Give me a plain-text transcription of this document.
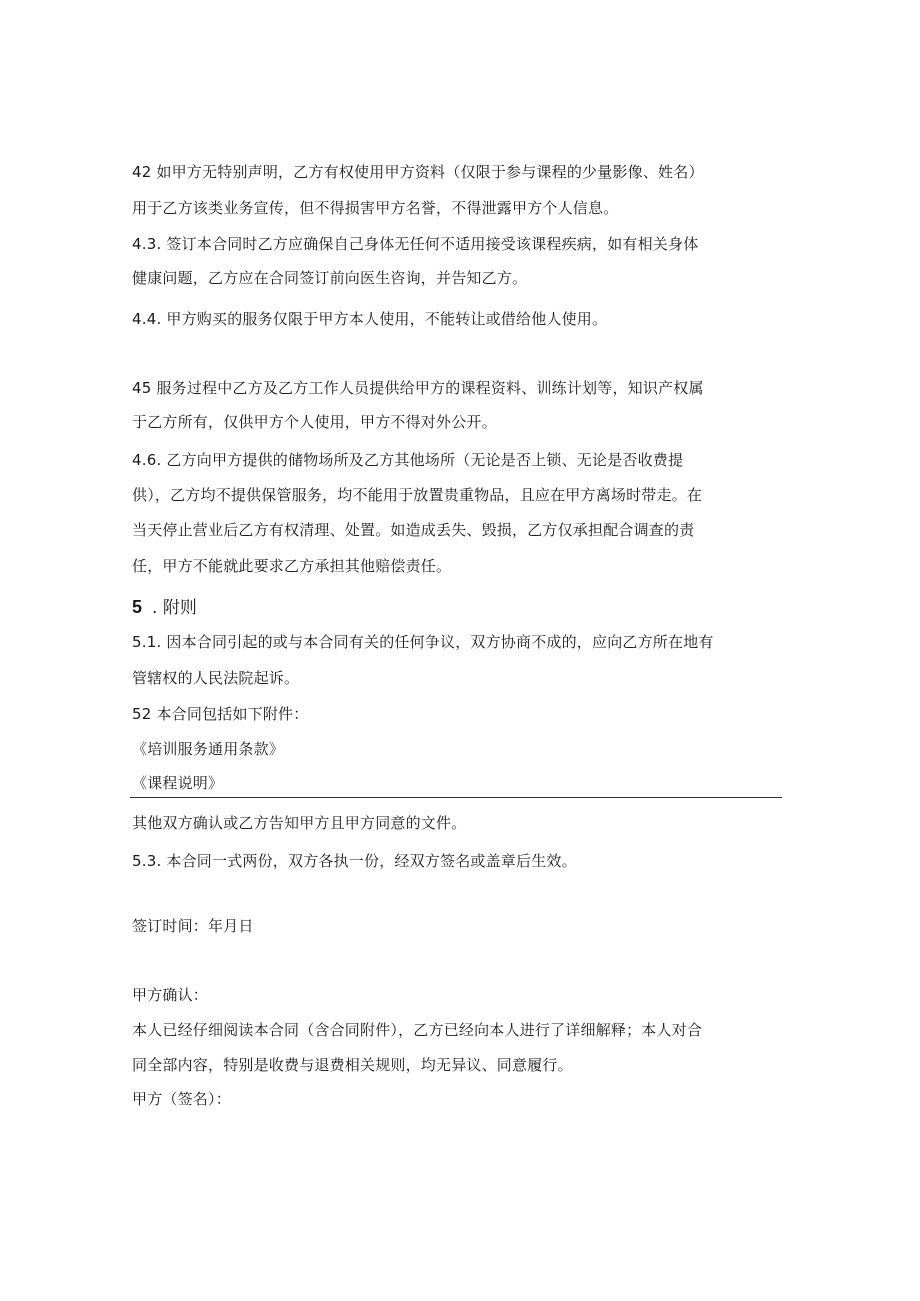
42 如甲方无特别声明，乙方有权使用甲方资料（仅限于参与课程的少量影像、姓名）
用于乙方该类业务宣传，但不得损害甲方名誉，不得泄露甲方个人信息。
4.3. 签订本合同时乙方应确保自己身体无任何不适用接受该课程疾病，如有相关身体
健康问题，乙方应在合同签订前向医生咨询，并告知乙方。
4.4. 甲方购买的服务仅限于甲方本人使用，不能转让或借给他人使用。
45 服务过程中乙方及乙方工作人员提供给甲方的课程资料、训练计划等，知识产权属
于乙方所有，仅供甲方个人使用，甲方不得对外公开。
4.6. 乙方向甲方提供的储物场所及乙方其他场所（无论是否上锁、无论是否收费提
供），乙方均不提供保管服务，均不能用于放置贵重物品，且应在甲方离场时带走。在
当天停止营业后乙方有权清理、处置。如造成丢失、毁损，乙方仅承担配合调查的责
任，甲方不能就此要求乙方承担其他赔偿责任。
5 . 附则
5.1. 因本合同引起的或与本合同有关的任何争议，双方协商不成的，应向乙方所在地有
管辖权的人民法院起诉。
52 本合同包括如下附件：
《培训服务通用条款》
《课程说明》
其他双方确认或乙方告知甲方且甲方同意的文件。
5.3. 本合同一式两份，双方各执一份，经双方签名或盖章后生效。
签订时间：年月日
甲方确认：
本人已经仔细阅读本合同（含合同附件），乙方已经向本人进行了详细解释；本人对合
同全部内容，特别是收费与退费相关规则，均无异议、同意履行。
甲方（签名）：
